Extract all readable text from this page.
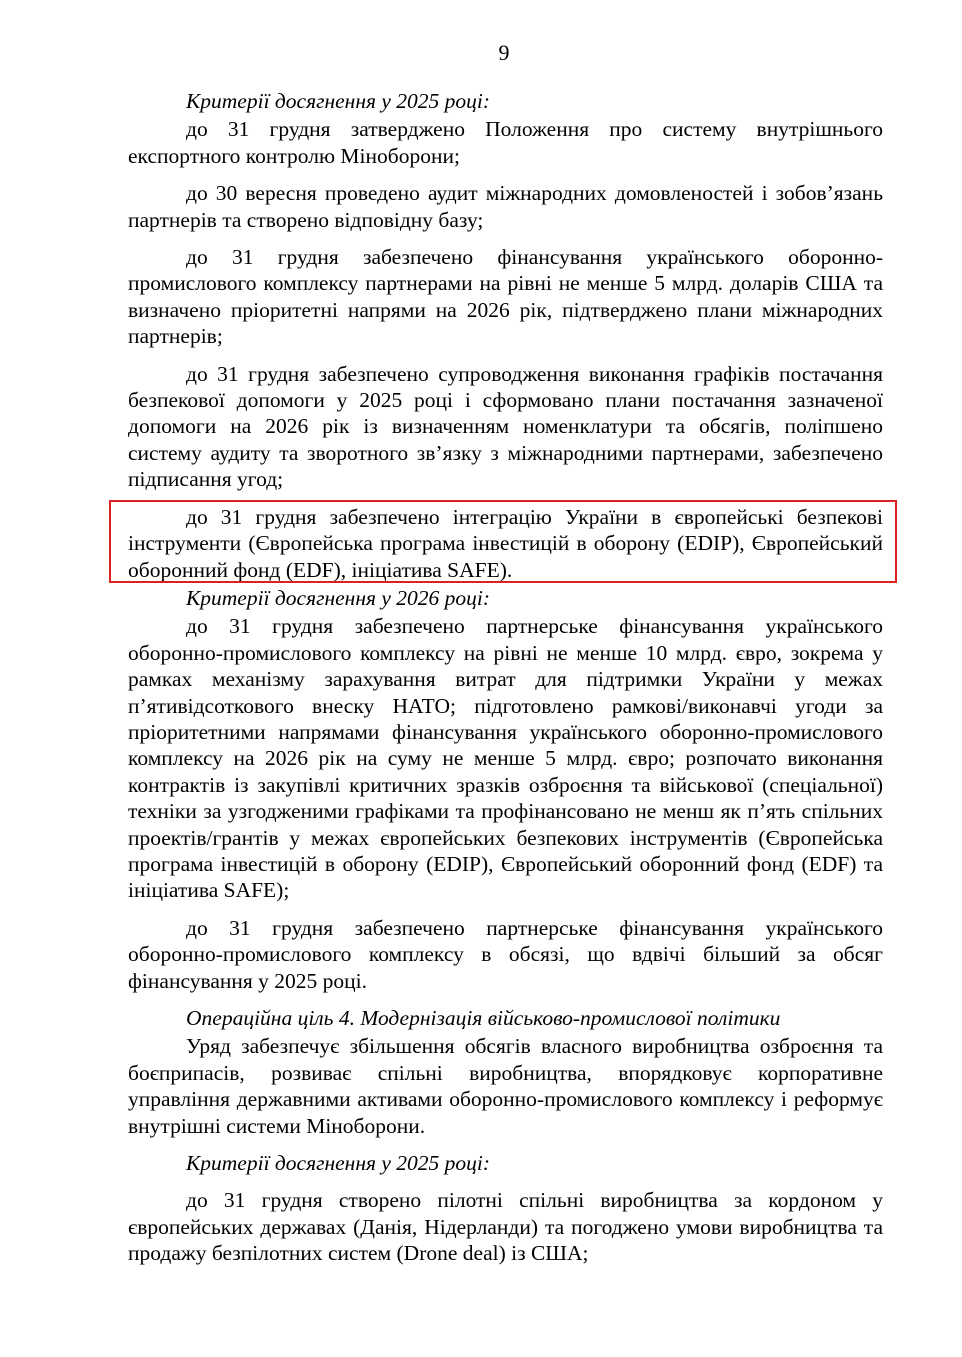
9

Критерії досягнення у 2025 році:

до 31 грудня затверджено Положення про систему внутрішнього експортного контролю Міноборони;

до 30 вересня проведено аудит міжнародних домовленостей і зобов’язань партнерів та створено відповідну базу;

до 31 грудня забезпечено фінансування українського оборонно-промислового комплексу партнерами на рівні не менше 5 млрд. доларів США та визначено пріоритетні напрями на 2026 рік, підтверджено плани міжнародних партнерів;

до 31 грудня забезпечено супроводження виконання графіків постачання безпекової допомоги у 2025 році і сформовано плани постачання зазначеної допомоги на 2026 рік із визначенням номенклатури та обсягів, поліпшено систему аудиту та зворотного зв’язку з міжнародними партнерами, забезпечено підписання угод;

до 31 грудня забезпечено інтеграцію України в європейські безпекові інструменти (Європейська програма інвестицій в оборону (EDIP), Європейський оборонний фонд (EDF), ініціатива SAFE).

Критерії досягнення у 2026 році:

до 31 грудня забезпечено партнерське фінансування українського оборонно-промислового комплексу на рівні не менше 10 млрд. євро, зокрема у рамках механізму зарахування витрат для підтримки України у межах п’ятивідсоткового внеску НАТО; підготовлено рамкові/виконавчі угоди за пріоритетними напрямами фінансування українського оборонно-промислового комплексу на 2026 рік на суму не менше 5 млрд. євро; розпочато виконання контрактів із закупівлі критичних зразків озброєння та військової (спеціальної) техніки за узгодженими графіками та профінансовано не менш як п’ять спільних проектів/грантів у межах європейських безпекових інструментів (Європейська програма інвестицій в оборону (EDIP), Європейський оборонний фонд (EDF) та ініціатива SAFE);

до 31 грудня забезпечено партнерське фінансування українського оборонно-промислового комплексу в обсязі, що вдвічі більший за обсяг фінансування у 2025 році.

Операційна ціль 4. Модернізація військово-промислової політики

Уряд забезпечує збільшення обсягів власного виробництва озброєння та боєприпасів, розвиває спільні виробництва, впорядковує корпоративне управління державними активами оборонно-промислового комплексу і реформує внутрішні системи Міноборони.

Критерії досягнення у 2025 році:

до 31 грудня створено пілотні спільні виробництва за кордоном у європейських державах (Данія, Нідерланди) та погоджено умови виробництва та продажу безпілотних систем (Drone deal) із США;
